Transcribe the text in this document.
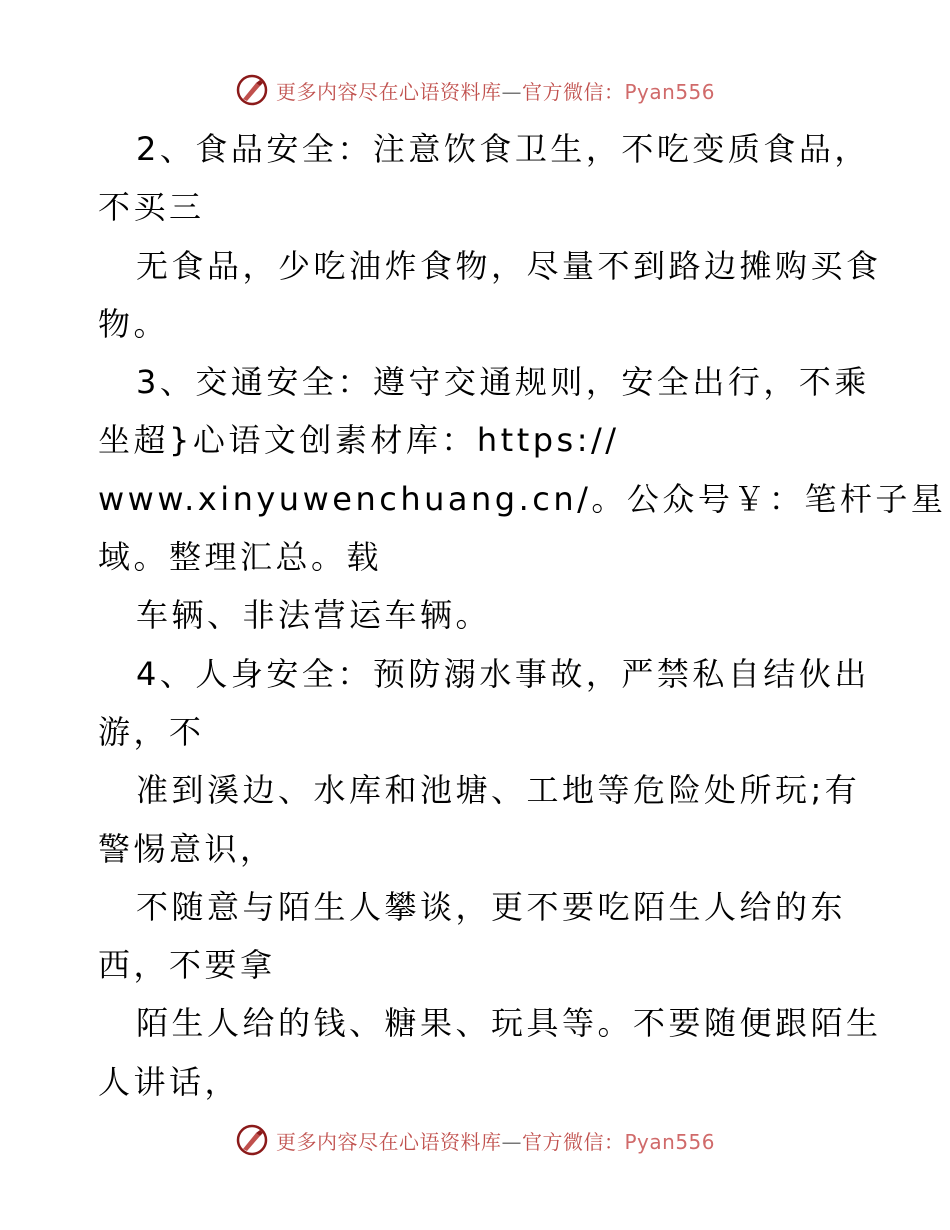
更多内容尽在心语资料库—官方微信：Pyan556
2、食品安全：注意饮食卫生，不吃变质食品，
不买三
无食品，少吃油炸食物，尽量不到路边摊购买食
物。
3、交通安全：遵守交通规则，安全出行，不乘
坐超}心语文创素材库：https://
www.xinyuwenchuang.cn/。公众号￥：笔杆子星
域。整理汇总。载
车辆、非法营运车辆。
4、人身安全：预防溺水事故，严禁私自结伙出
游，不
准到溪边、水库和池塘、工地等危险处所玩;有
警惕意识，
不随意与陌生人攀谈，更不要吃陌生人给的东
西，不要拿
陌生人给的钱、糖果、玩具等。不要随便跟陌生
人讲话，
更多内容尽在心语资料库—官方微信：Pyan556
